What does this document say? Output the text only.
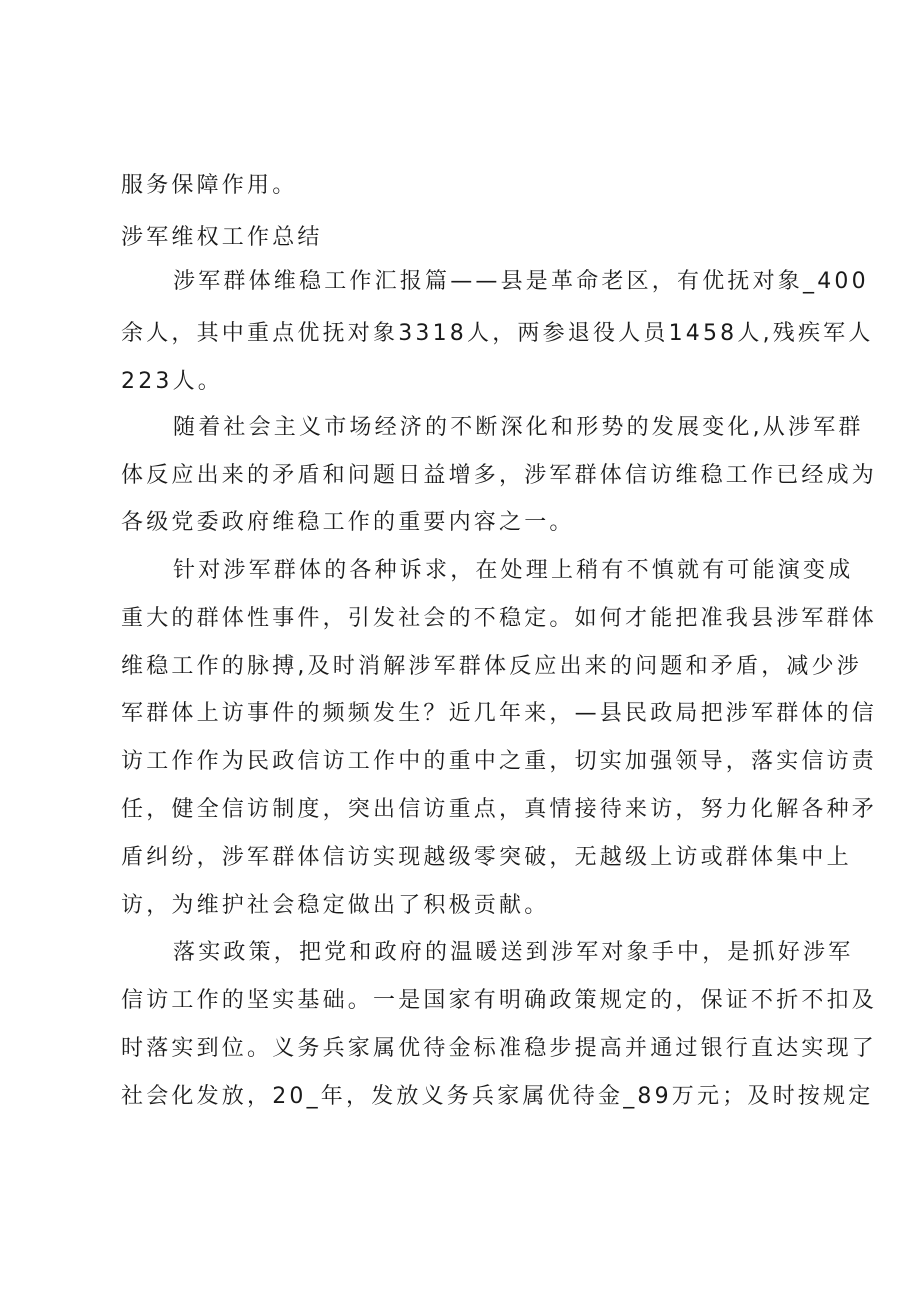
服务保障作用。
涉军维权工作总结
涉军群体维稳工作汇报篇——县是革命老区，有优抚对象_400
余人，其中重点优抚对象3318人，两参退役人员1458人,残疾军人
223人。
随着社会主义市场经济的不断深化和形势的发展变化,从涉军群
体反应出来的矛盾和问题日益增多，涉军群体信访维稳工作已经成为
各级党委政府维稳工作的重要内容之一。
针对涉军群体的各种诉求，在处理上稍有不慎就有可能演变成
重大的群体性事件，引发社会的不稳定。如何才能把准我县涉军群体
维稳工作的脉搏,及时消解涉军群体反应出来的问题和矛盾，减少涉
军群体上访事件的频频发生？近几年来，—县民政局把涉军群体的信
访工作作为民政信访工作中的重中之重，切实加强领导，落实信访责
任，健全信访制度，突出信访重点，真情接待来访，努力化解各种矛
盾纠纷，涉军群体信访实现越级零突破，无越级上访或群体集中上
访，为维护社会稳定做出了积极贡献。
落实政策，把党和政府的温暖送到涉军对象手中，是抓好涉军
信访工作的坚实基础。一是国家有明确政策规定的，保证不折不扣及
时落实到位。义务兵家属优待金标准稳步提高并通过银行直达实现了
社会化发放，20_年，发放义务兵家属优待金_89万元；及时按规定
